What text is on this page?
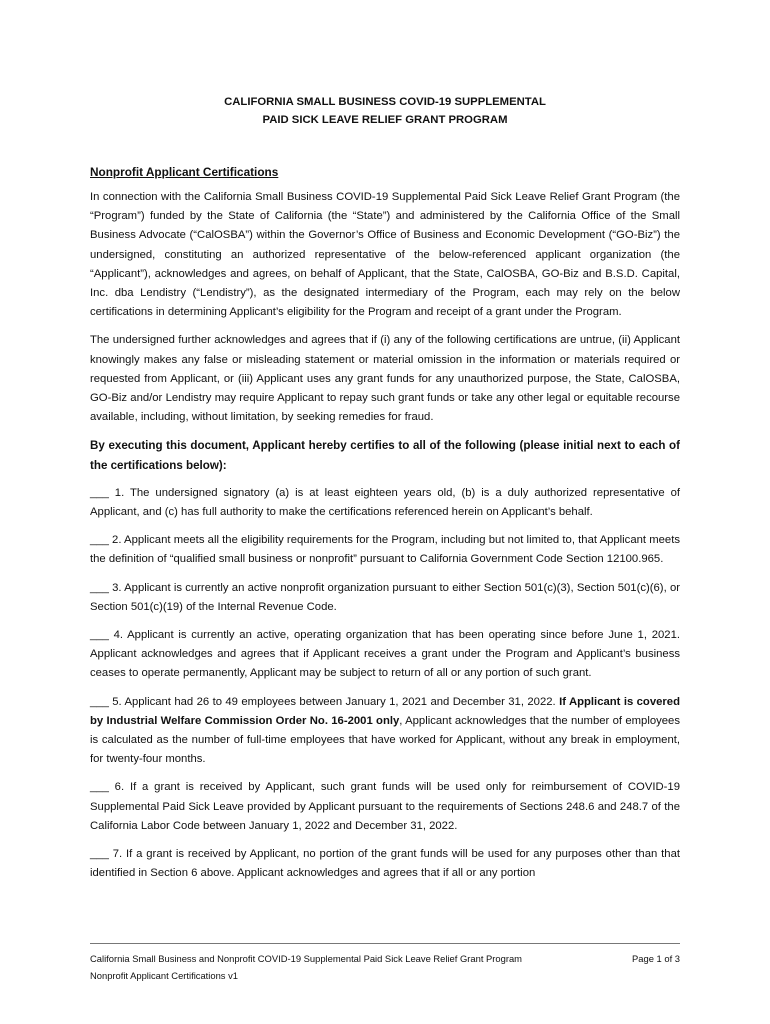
CALIFORNIA SMALL BUSINESS COVID-19 SUPPLEMENTAL
PAID SICK LEAVE RELIEF GRANT PROGRAM
Nonprofit Applicant Certifications

In connection with the California Small Business COVID-19 Supplemental Paid Sick Leave Relief Grant Program (the “Program”) funded by the State of California (the “State”) and administered by the California Office of the Small Business Advocate (“CalOSBA”) within the Governor’s Office of Business and Economic Development (“GO-Biz”) the undersigned, constituting an authorized representative of the below-referenced applicant organization (the “Applicant”), acknowledges and agrees, on behalf of Applicant, that the State, CalOSBA, GO-Biz and B.S.D. Capital, Inc. dba Lendistry (“Lendistry”), as the designated intermediary of the Program, each may rely on the below certifications in determining Applicant’s eligibility for the Program and receipt of a grant under the Program.

The undersigned further acknowledges and agrees that if (i) any of the following certifications are untrue, (ii) Applicant knowingly makes any false or misleading statement or material omission in the information or materials required or requested from Applicant, or (iii) Applicant uses any grant funds for any unauthorized purpose, the State, CalOSBA, GO-Biz and/or Lendistry may require Applicant to repay such grant funds or take any other legal or equitable recourse available, including, without limitation, by seeking remedies for fraud.

By executing this document, Applicant hereby certifies to all of the following (please initial next to each of the certifications below):

___ 1. The undersigned signatory (a) is at least eighteen years old, (b) is a duly authorized representative of Applicant, and (c) has full authority to make the certifications referenced herein on Applicant’s behalf.

___ 2. Applicant meets all the eligibility requirements for the Program, including but not limited to, that Applicant meets the definition of “qualified small business or nonprofit” pursuant to California Government Code Section 12100.965.

___ 3. Applicant is currently an active nonprofit organization pursuant to either Section 501(c)(3), Section 501(c)(6), or Section 501(c)(19) of the Internal Revenue Code.

___ 4. Applicant is currently an active, operating organization that has been operating since before June 1, 2021. Applicant acknowledges and agrees that if Applicant receives a grant under the Program and Applicant’s business ceases to operate permanently, Applicant may be subject to return of all or any portion of such grant.

___ 5. Applicant had 26 to 49 employees between January 1, 2021 and December 31, 2022. If Applicant is covered by Industrial Welfare Commission Order No. 16-2001 only, Applicant acknowledges that the number of employees is calculated as the number of full-time employees that have worked for Applicant, without any break in employment, for twenty-four months.

___ 6. If a grant is received by Applicant, such grant funds will be used only for reimbursement of COVID-19 Supplemental Paid Sick Leave provided by Applicant pursuant to the requirements of Sections 248.6 and 248.7 of the California Labor Code between January 1, 2022 and December 31, 2022.

___ 7. If a grant is received by Applicant, no portion of the grant funds will be used for any purposes other than that identified in Section 6 above. Applicant acknowledges and agrees that if all or any portion

California Small Business and Nonprofit COVID-19 Supplemental Paid Sick Leave Relief Grant Program
Nonprofit Applicant Certifications v1
Page 1 of 3
